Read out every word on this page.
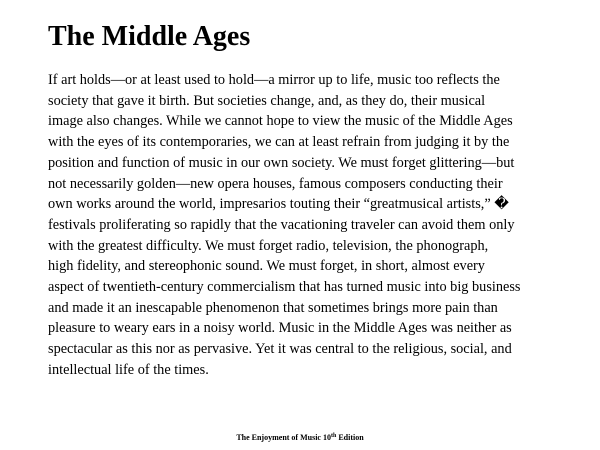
The Middle Ages
If art holds—or at least used to hold—a mirror up to life, music too reflects the
society that gave it birth. But societies change, and, as they do, their musical
image also changes. While we cannot hope to view the music of the Middle Ages
with the eyes of its contemporaries, we can at least refrain from judging it by the
position and function of music in our own society. We must forget glittering—but
not necessarily golden—new opera houses, famous composers conducting their
own works around the world, impresarios touting their “greatmusical artists,” �
festivals proliferating so rapidly that the vacationing traveler can avoid them only
with the greatest difficulty. We must forget radio, television, the phonograph,
high fidelity, and stereophonic sound. We must forget, in short, almost every
aspect of twentieth-century commercialism that has turned music into big business
and made it an inescapable phenomenon that sometimes brings more pain than
pleasure to weary ears in a noisy world. Music in the Middle Ages was neither as
spectacular as this nor as pervasive. Yet it was central to the religious, social, and
intellectual life of the times.
The Enjoyment of Music 10th Edition
